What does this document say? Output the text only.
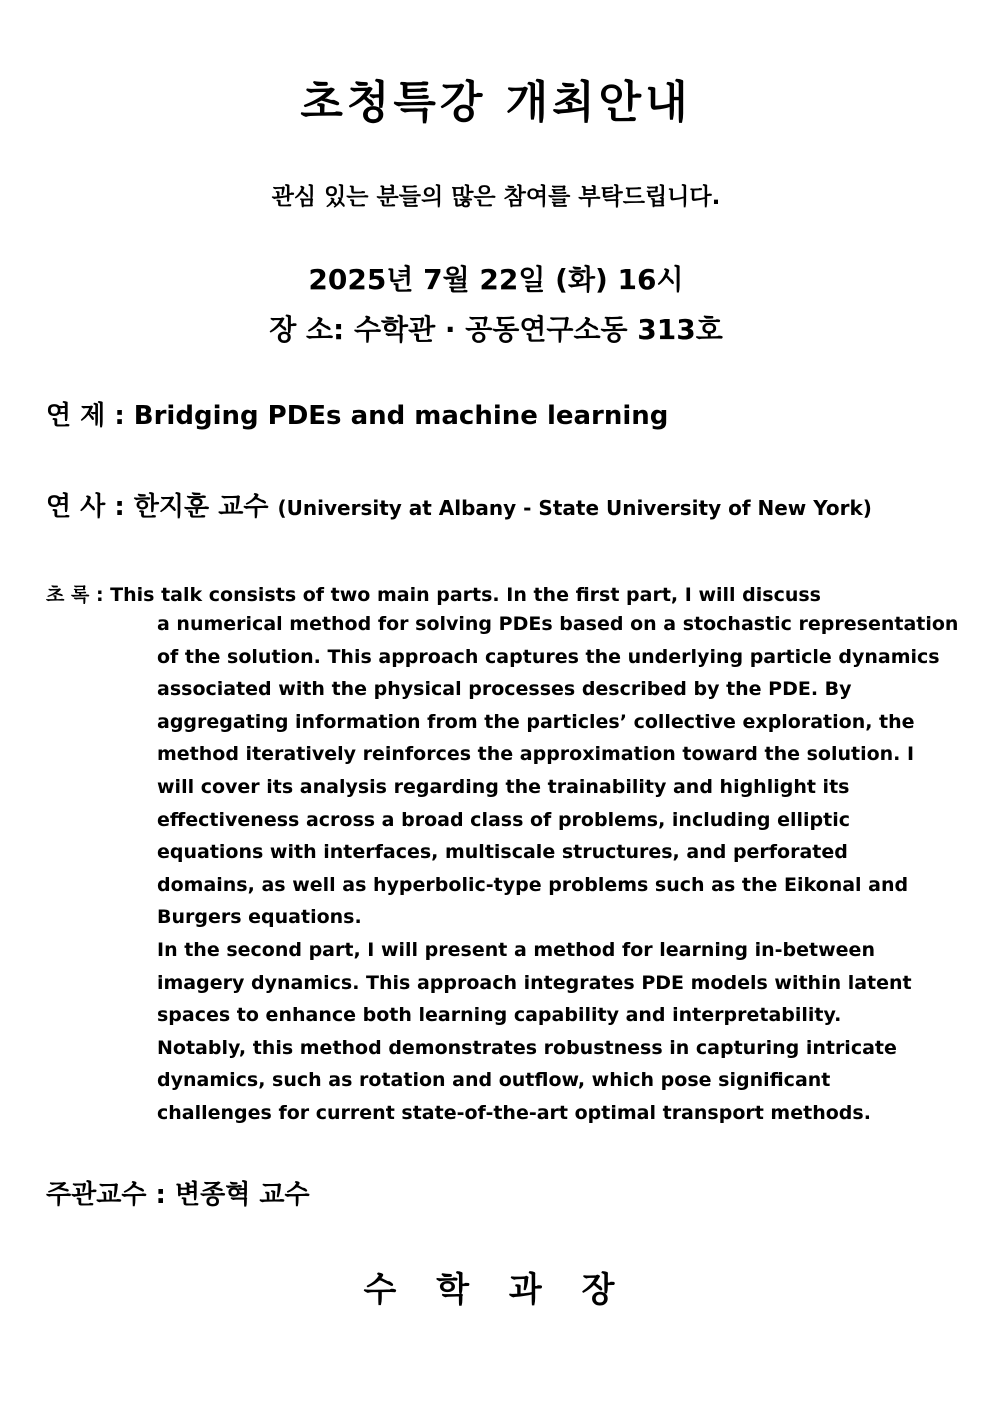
초청특강 개최안내
관심 있는 분들의 많은 참여를 부탁드립니다.
2025년 7월 22일 (화) 16시
장 소: 수학관 · 공동연구소동 313호
연 제 : Bridging PDEs and machine learning
연 사 : 한지훈 교수 (University at Albany - State University of New York)
초 록 : This talk consists of two main parts. In the first part, I will discuss
a numerical method for solving PDEs based on a stochastic representation
of the solution. This approach captures the underlying particle dynamics
associated with the physical processes described by the PDE. By
aggregating information from the particles’ collective exploration, the
method iteratively reinforces the approximation toward the solution. I
will cover its analysis regarding the trainability and highlight its
effectiveness across a broad class of problems, including elliptic
equations with interfaces, multiscale structures, and perforated
domains, as well as hyperbolic-type problems such as the Eikonal and
Burgers equations.
In the second part, I will present a method for learning in-between
imagery dynamics. This approach integrates PDE models within latent
spaces to enhance both learning capability and interpretability.
Notably, this method demonstrates robustness in capturing intricate
dynamics, such as rotation and outflow, which pose significant
challenges for current state-of-the-art optimal transport methods.
주관교수 : 변종혁 교수
수 학 과 장
